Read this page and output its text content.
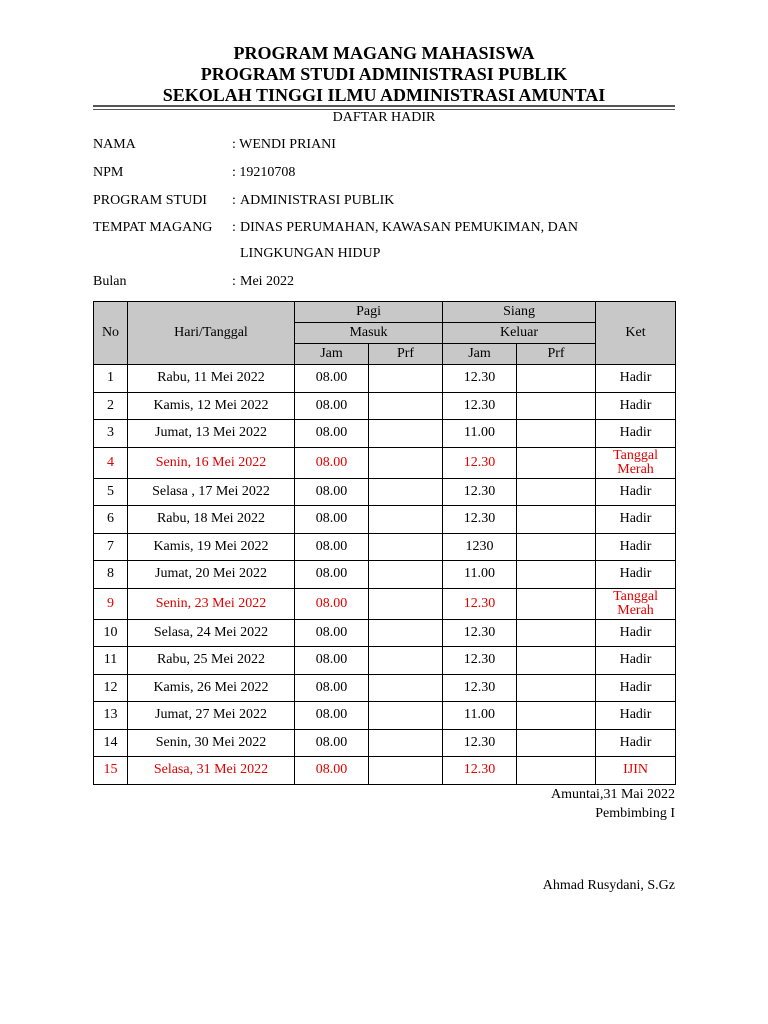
PROGRAM MAGANG MAHASISWA
PROGRAM STUDI ADMINISTRASI PUBLIK
SEKOLAH TINGGI ILMU ADMINISTRASI AMUNTAI
DAFTAR HADIR
NAMA	: WENDI PRIANI
NPM	: 19210708
PROGRAM STUDI : ADMINISTRASI PUBLIK
TEMPAT MAGANG : DINAS PERUMAHAN, KAWASAN PEMUKIMAN, DAN
LINGKUNGAN HIDUP
Bulan	: Mei 2022
No	Hari/Tanggal	Pagi		Siang		Ket
		Masuk		Keluar		
		Jam	Prf	Jam	Prf	
1	Rabu, 11 Mei 2022	08.00		12.30		Hadir
2	Kamis, 12 Mei 2022	08.00		12.30		Hadir
3	Jumat, 13 Mei 2022	08.00		11.00		Hadir
4	Senin, 16 Mei 2022	08.00		12.30		Tanggal Merah
5	Selasa , 17 Mei 2022	08.00		12.30		Hadir
6	Rabu, 18 Mei 2022	08.00		12.30		Hadir
7	Kamis, 19 Mei 2022	08.00		1230		Hadir
8	Jumat, 20 Mei 2022	08.00		11.00		Hadir
9	Senin, 23 Mei 2022	08.00		12.30		Tanggal Merah
10	Selasa, 24 Mei 2022	08.00		12.30		Hadir
11	Rabu, 25 Mei 2022	08.00		12.30		Hadir
12	Kamis, 26 Mei 2022	08.00		12.30		Hadir
13	Jumat, 27 Mei 2022	08.00		11.00		Hadir
14	Senin, 30 Mei 2022	08.00		12.30		Hadir
15	Selasa, 31 Mei 2022	08.00		12.30		IJIN
Amuntai,31 Mai 2022
Pembimbing I
Ahmad Rusydani, S.Gz
